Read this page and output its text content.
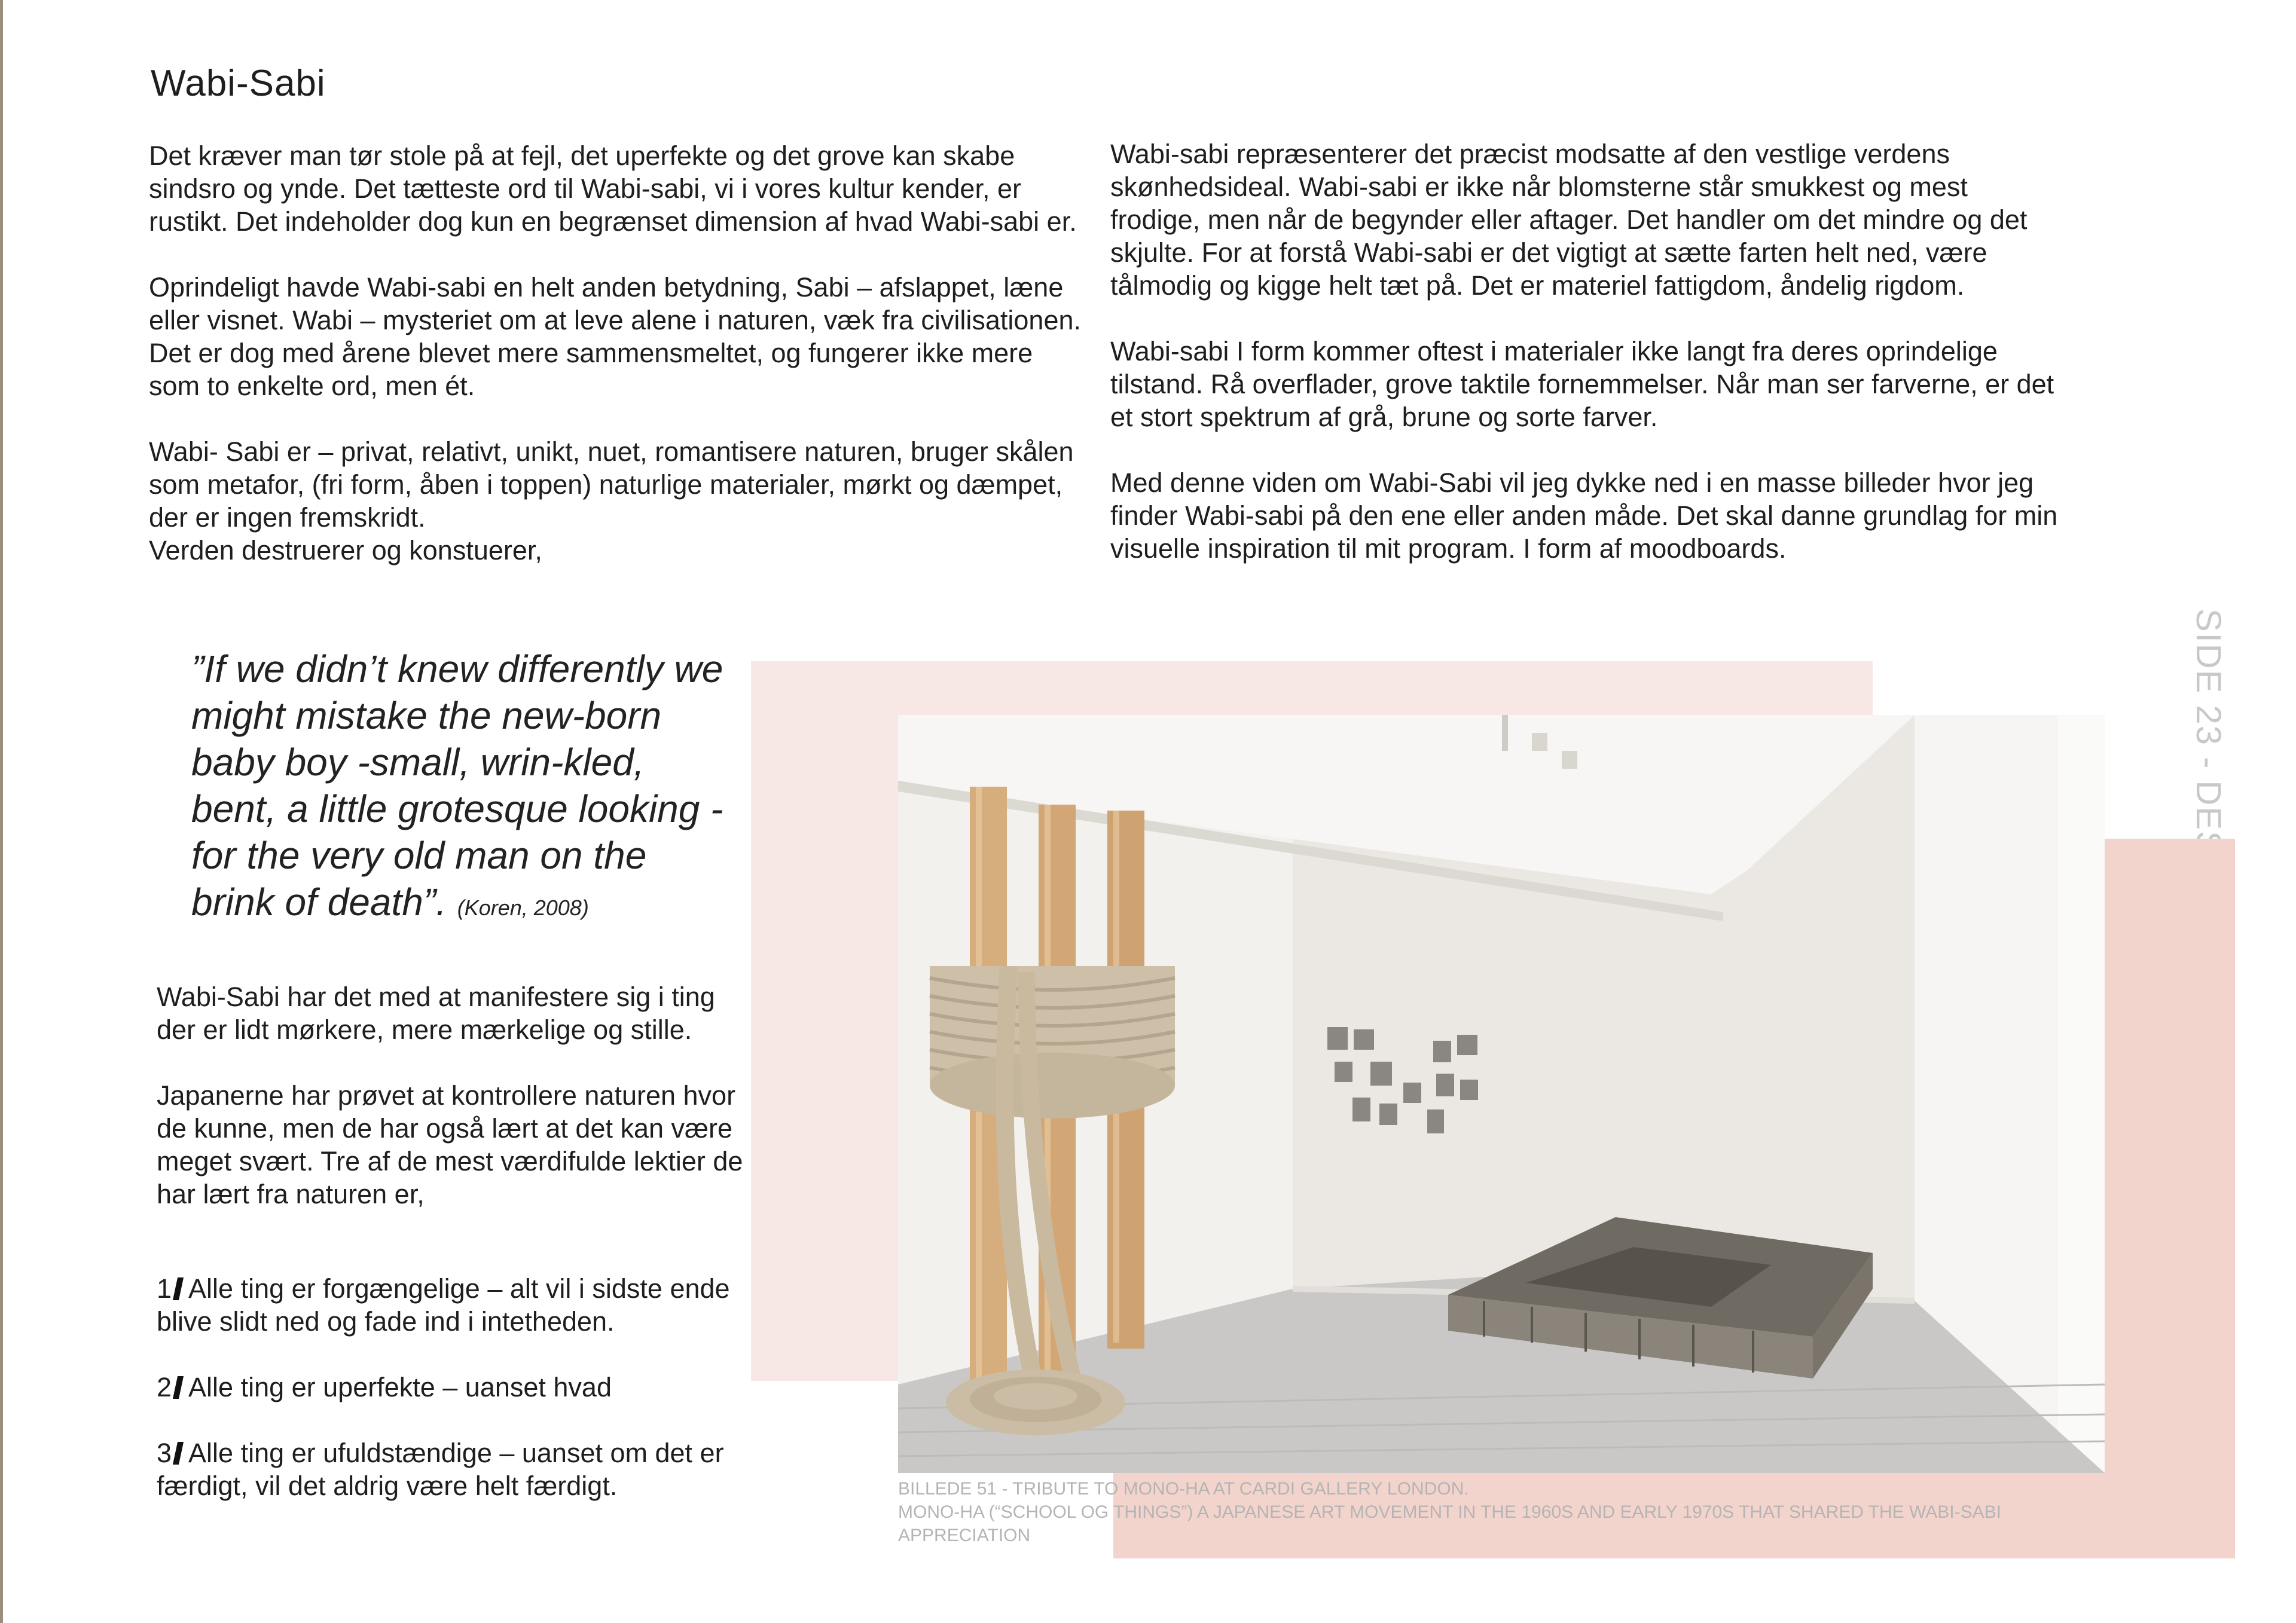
Wabi-Sabi

Det kræver man tør stole på at fejl, det uperfekte og det grove kan skabe sindsro og ynde. Det tætteste ord til Wabi-sabi, vi i vores kultur kender, er rustikt. Det indeholder dog kun en begrænset dimension af hvad Wabi-sabi er.

Oprindeligt havde Wabi-sabi en helt anden betydning, Sabi – afslappet, læne eller visnet. Wabi – mysteriet om at leve alene i naturen, væk fra civilisationen. Det er dog med årene blevet mere sammensmeltet, og fungerer ikke mere som to enkelte ord, men ét.

Wabi- Sabi er – privat, relativt, unikt, nuet, romantisere naturen, bruger skålen som metafor, (fri form, åben i toppen) naturlige materialer, mørkt og dæmpet, der er ingen fremskridt.

Verden destruerer og konstuerer,

Wabi-sabi repræsenterer det præcist modsatte af den vestlige verdens skønhedsideal. Wabi-sabi er ikke når blomsterne står smukkest og mest frodige, men når de begynder eller aftager. Det handler om det mindre og det skjulte. For at forstå Wabi-sabi er det vigtigt at sætte farten helt ned, være tålmodig og kigge helt tæt på. Det er materiel fattigdom, åndelig rigdom.

Wabi-sabi I form kommer oftest i materialer ikke langt fra deres oprindelige tilstand. Rå overflader, grove taktile fornemmelser. Når man ser farverne, er det et stort spektrum af grå, brune og sorte farver.

Med denne viden om Wabi-Sabi vil jeg dykke ned i en masse billeder hvor jeg finder Wabi-sabi på den ene eller anden måde. Det skal danne grundlag for min visuelle inspiration til mit program. I form af moodboards.

”If we didn’t knew differently we might mistake the new-born baby boy -small, wrin-kled, bent, a little grotesque looking -for the very old man on the brink of death”. (Koren, 2008)

Wabi-Sabi har det med at manifestere sig i ting der er lidt mørkere, mere mærkelige og stille.

Japanerne har prøvet at kontrollere naturen hvor de kunne, men de har også lært at det kan være meget svært. Tre af de mest værdifulde lektier de har lært fra naturen er,

1 Alle ting er forgængelige – alt vil i sidste ende blive slidt ned og fade ind i intetheden.
2 Alle ting er uperfekte – uanset hvad
3 Alle ting er ufuldstændige – uanset om det er færdigt, vil det aldrig være helt færdigt.	BILLEDE 51 - TRIBUTE TO MONO-HA AT CARDI GALLERY LONDON.
MONO-HA (“SCHOOL OG THINGS”) A JAPANESE ART MOVEMENT IN THE 1960S AND EARLY 1970S THAT SHARED THE WABI-SABI
APPRECIATION
